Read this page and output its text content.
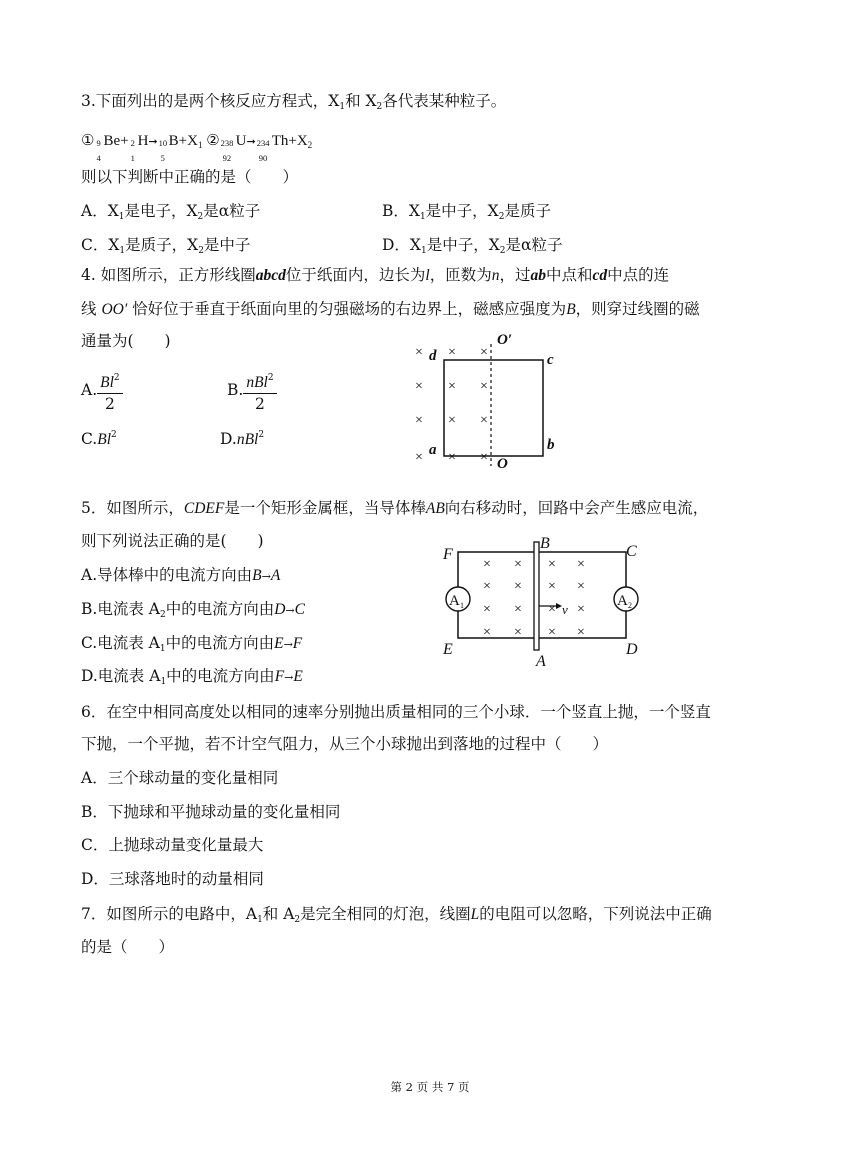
3.下面列出的是两个核反应方程式，$X_1$和 $X_2$各代表某种粒子。
① 9
4
Be+ 2
1
H➞ 10
5
$B+X_1$ ② 238
92
U➞ 234
90
$Th+X_2$
则以下判断中正确的是（　　）
A．$X_1$是电子，$X_2$是α粒子	B．$X_1$是中子，$X_2$是质子
C．$X_1$是质子，$X_2$是中子	D．$X_1$是中子，$X_2$是α粒子
4. 如图所示，正方形线圈abcd位于纸面内，边长为l，匝数为n，过ab中点和cd中点的连
线 OO′ 恰好位于垂直于纸面向里的匀强磁场的右边界上，磁感应强度为B，则穿过线圈的磁
通量为(　　)
A. $\frac{Bl^2}{2}$	B. $\frac{nBl^2}{2}$
C.Bl$^2$	D.nBl$^2$
× × ×
× × ×
× × ×
× × ×
d	c
a	b
O′
O
5．如图所示，CDEF是一个矩形金属框，当导体棒AB向右移动时，回路中会产生感应电流，
则下列说法正确的是(　　)
A.导体棒中的电流方向由B→A
B.电流表 $A_2$中的电流方向由D→C
C.电流表 $A_1$中的电流方向由E→F
D.电流表 $A_1$中的电流方向由F→E
A 1	A 2
× × × ×
× × × ×
× × × ×
× × × ×
v
F
B	C
E
A
D
6．在空中相同高度处以相同的速率分别抛出质量相同的三个小球．一个竖直上抛，一个竖直
下抛，一个平抛，若不计空气阻力，从三个小球抛出到落地的过程中（　　）
A．三个球动量的变化量相同
B．下抛球和平抛球动量的变化量相同
C．上抛球动量变化量最大
D．三球落地时的动量相同
7．如图所示的电路中，$A_1$和 $A_2$是完全相同的灯泡，线圈L的电阻可以忽略，下列说法中正确
的是（　　）
第 2 页 共 7 页
